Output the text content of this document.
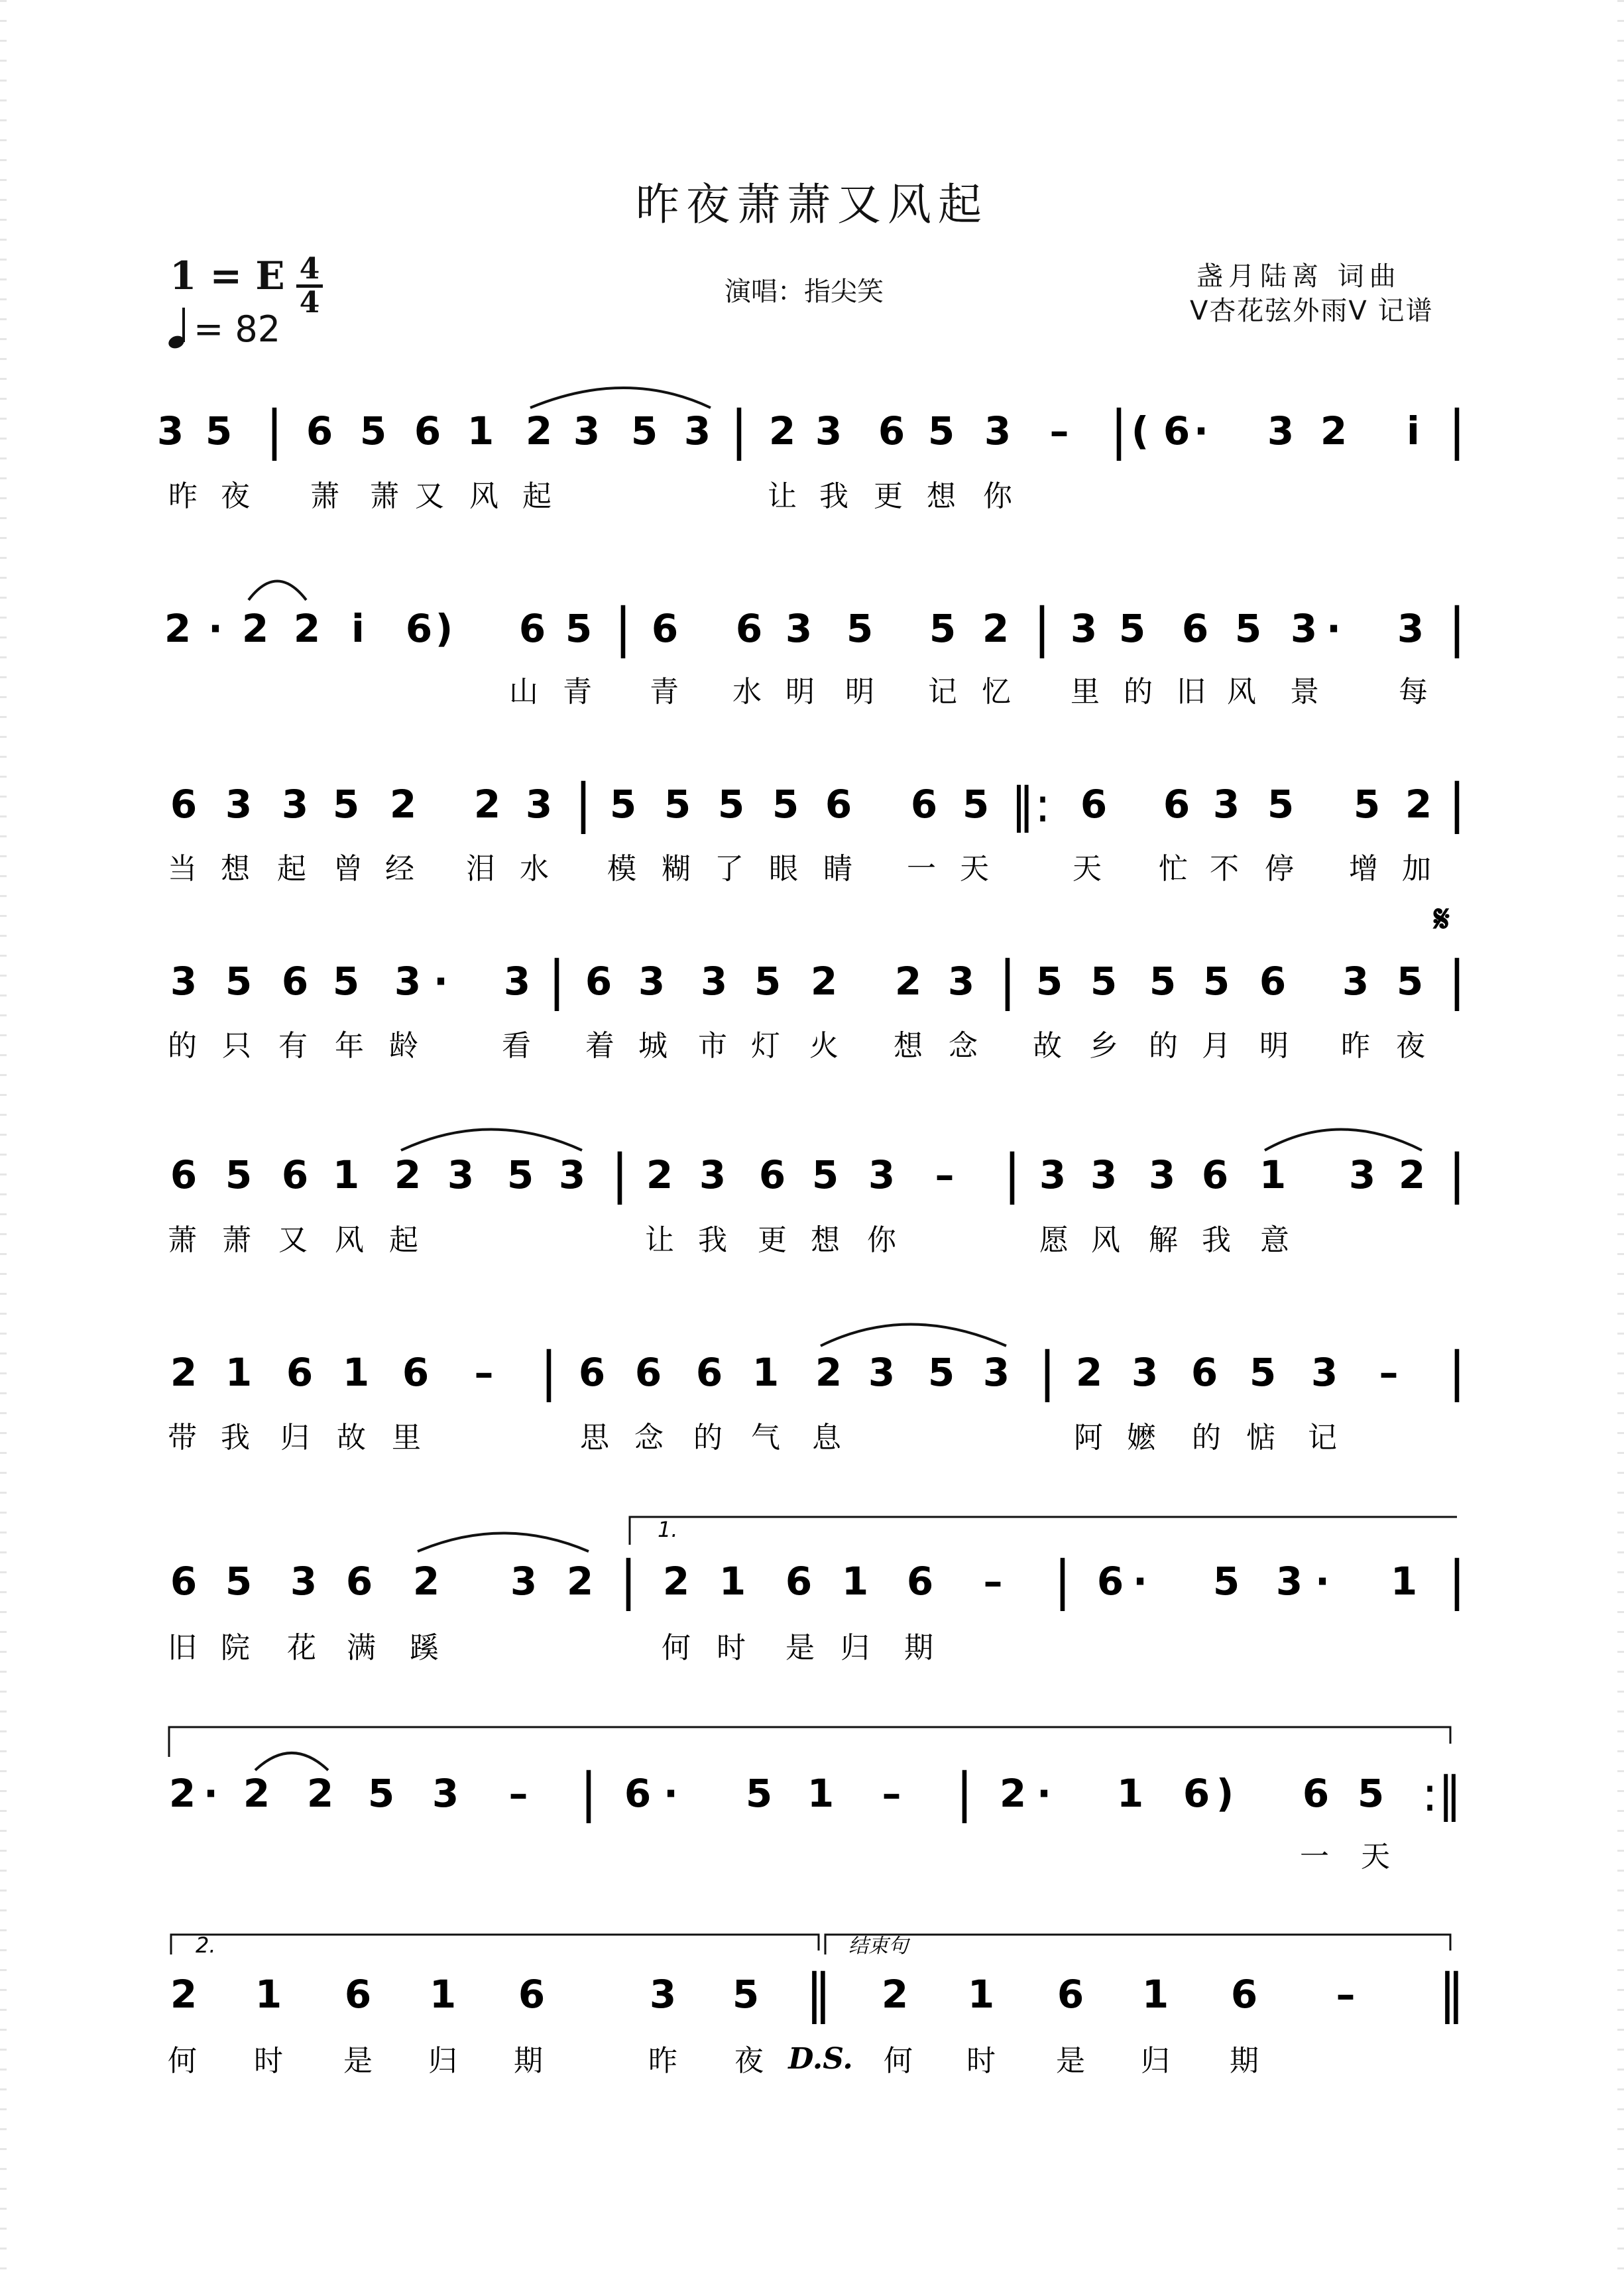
昨夜萧萧又风起
1 = E 4
4
= 82
演唱：指尖笑	盏月陆离 词曲
V杏花弦外雨V 记谱
1.
2.	结束句
𝄋
D.S.
3 5 | 6 5 6 1 2 3 5 3 | 2 3 6 5 3 – | ( 6 · 3 2 i |
昨 夜 萧 萧 又 风 起	让 我 更 想 你
2 · 2 2 i 6 ) 6 5 | 6 6 3 5 5 2 | 3 5 6 5 3 · 3 |
山 青 青 水 明 明 记 忆 里 的 旧 风 景	每
6 3 3 5 2 2 3 | 5 5 5 5 6 6 5 ‖: 6 6 3 5 5 2 |
当 想 起 曾 经 泪 水 模 糊 了 眼 睛 一 天	天 忙 不 停 增 加
3 5 6 5 3 · 3 | 6 3 3 5 2 2 3 | 5 5 5 5 6 3 5 |
的 只 有 年 龄	看 着 城 市 灯 火 想 念 故 乡 的 月 明 昨 夜
6 5 6 1 2 3 5 3 | 2 3 6 5 3 – | 3 3 3 6 1 3 2 |
萧 萧 又 风 起	让 我 更 想 你	愿 风 解 我 意
2 1 6 1 6 – | 6 6 6 1 2 3 5 3 | 2 3 6 5 3 – |
带 我 归 故 里	思 念 的 气 息	阿 嬷 的 惦 记
6 5 3 6 2 3 2 | 2 1 6 1 6 – | 6 · 5 3 · 1 |
旧 院 花 满 蹊	何 时 是 归 期
2 · 2 2 5 3 – | 6 · 5 1 – | 2 · 1 6 ) 6 5 :‖
一 天
2 1 6 1 6	3 5 ‖ 2 1 6 1 6 – ‖
何 时 是 归 期	昨 夜	何 时 是 归 期
